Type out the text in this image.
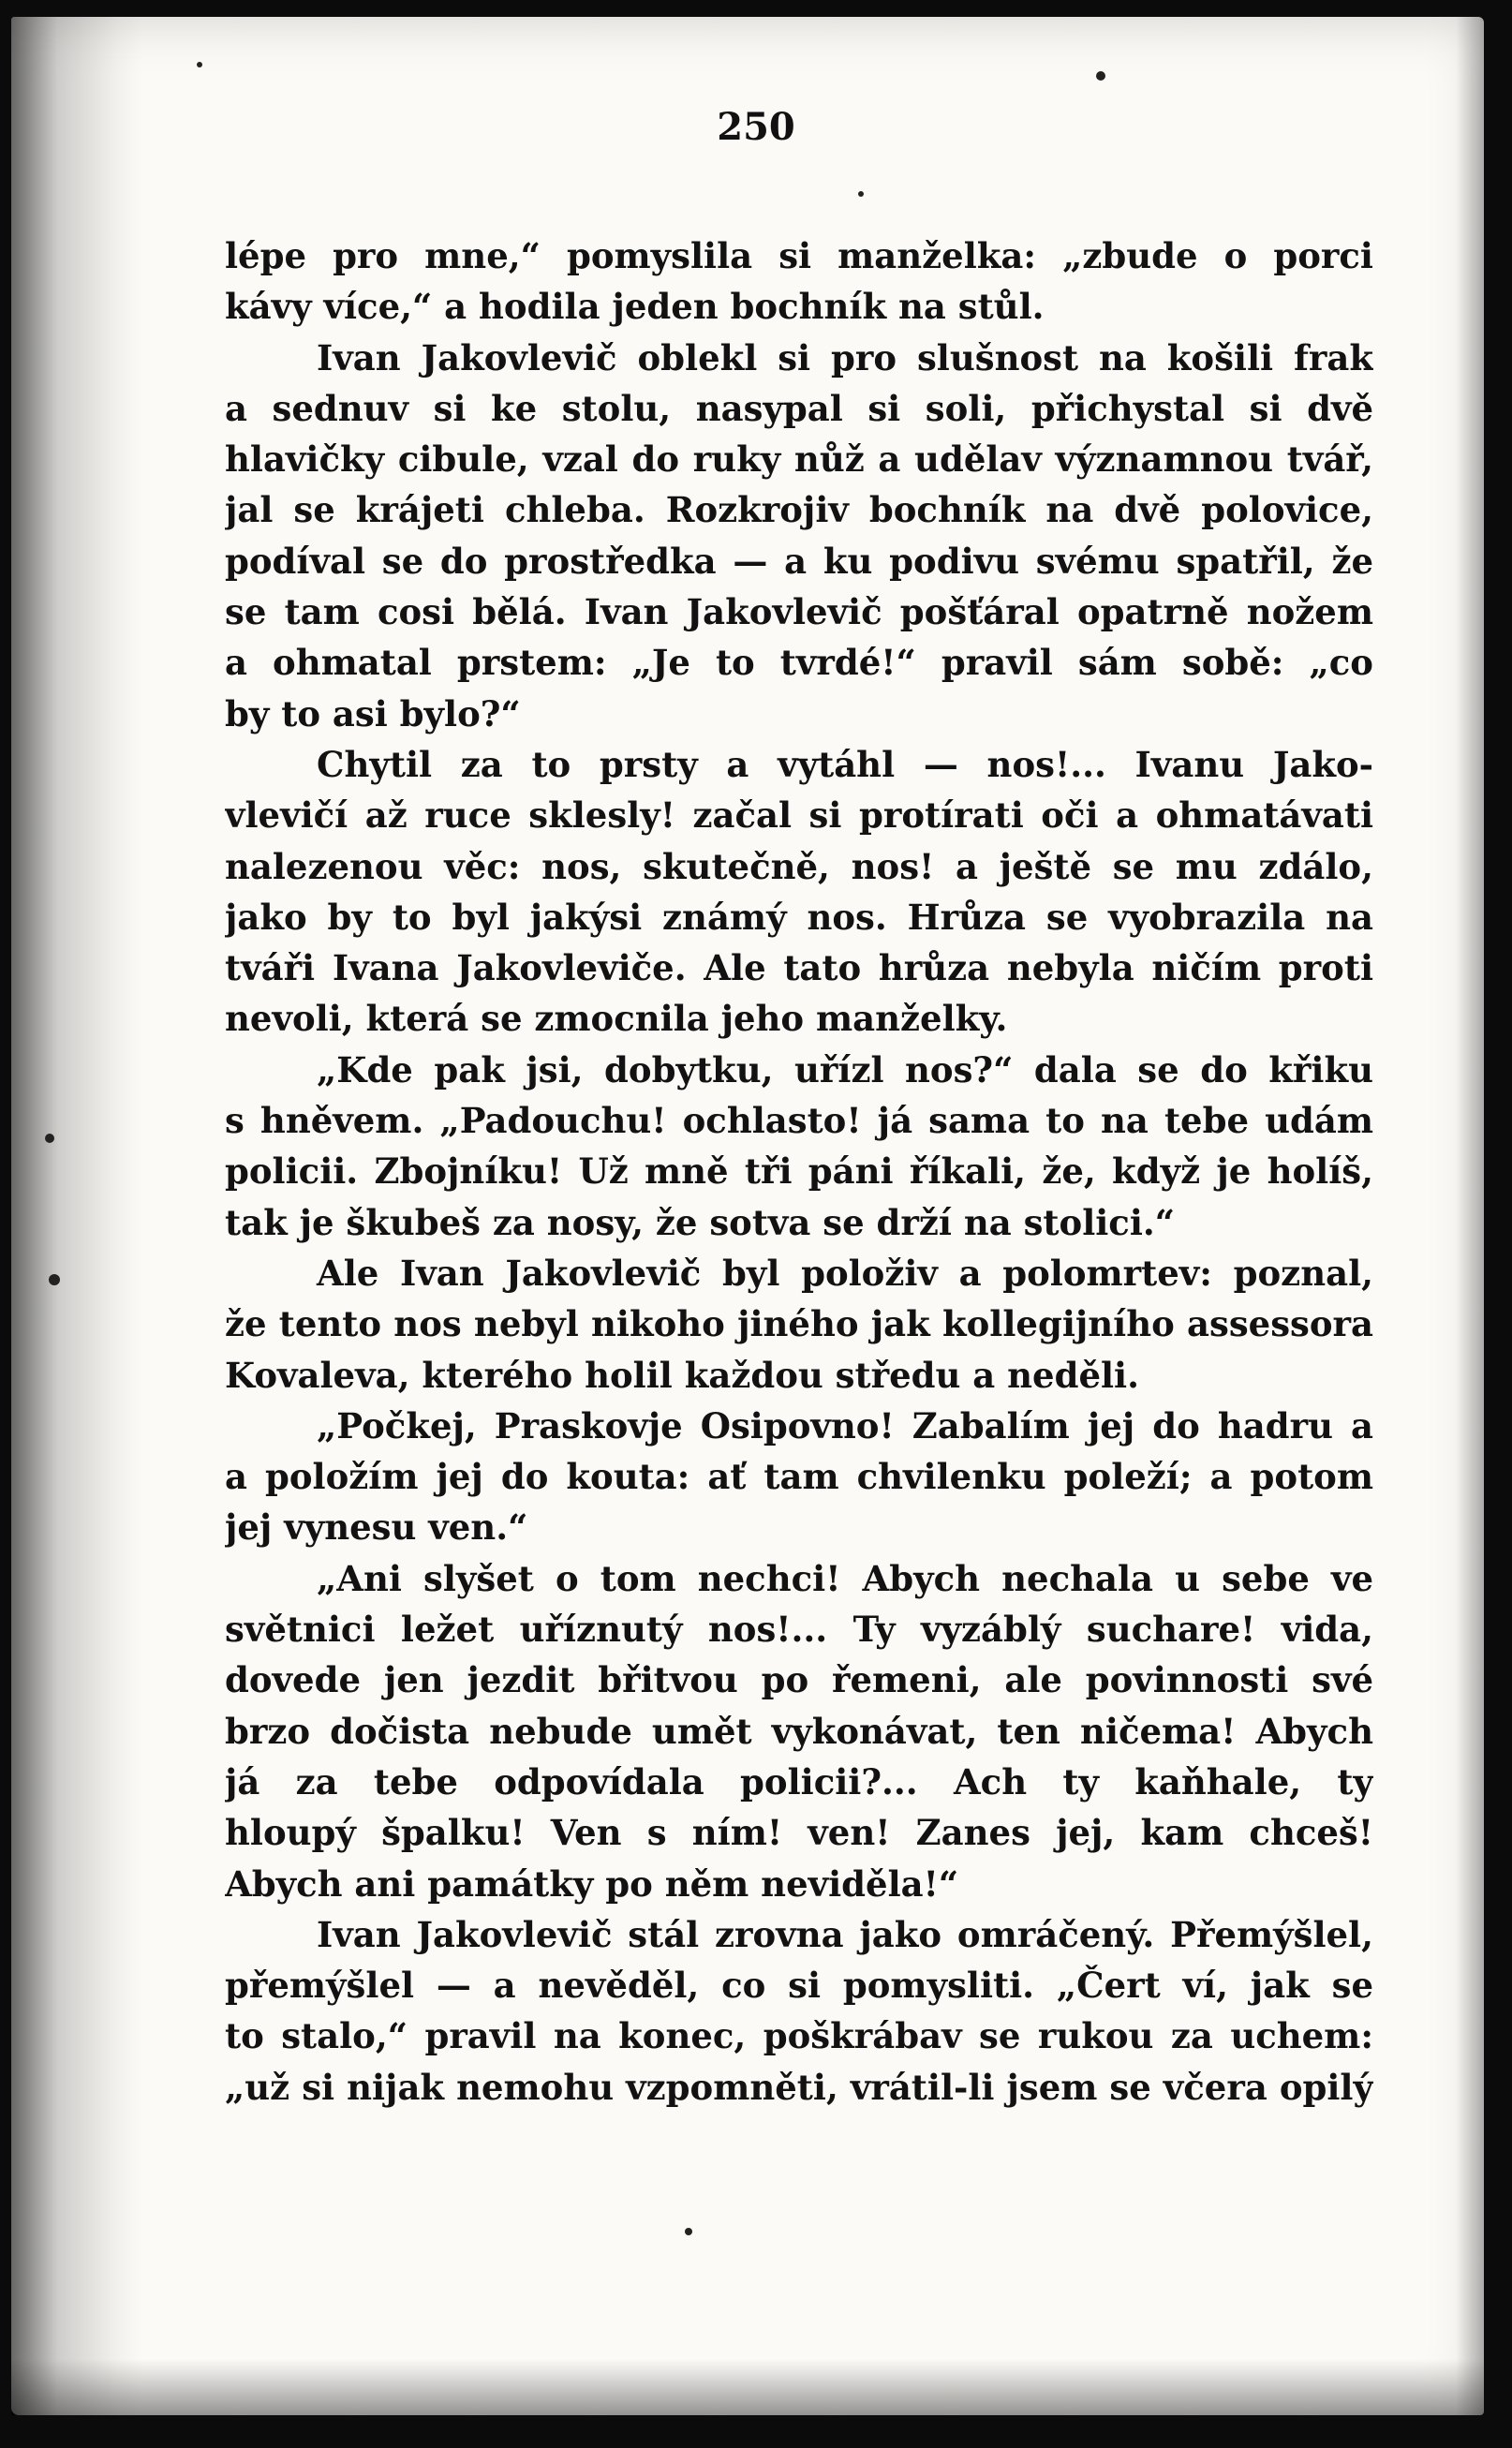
250
lépe pro mne,“ pomyslila si manželka: „zbude o porci
kávy více,“ a hodila jeden bochník na stůl.
Ivan Jakovlevič oblekl si pro slušnost na košili frak
a sednuv si ke stolu, nasypal si soli, přichystal si dvě
hlavičky cibule, vzal do ruky nůž a udělav významnou tvář,
jal se krájeti chleba. Rozkrojiv bochník na dvě polovice,
podíval se do prostředka — a ku podivu svému spatřil, že
se tam cosi bělá. Ivan Jakovlevič pošťáral opatrně nožem
a ohmatal prstem: „Je to tvrdé!“ pravil sám sobě: „co
by to asi bylo?“
Chytil za to prsty a vytáhl — nos!... Ivanu Jako-
vlevičí až ruce sklesly! začal si protírati oči a ohmatávati
nalezenou věc: nos, skutečně, nos! a ještě se mu zdálo,
jako by to byl jakýsi známý nos. Hrůza se vyobrazila na
tváři Ivana Jakovleviče. Ale tato hrůza nebyla ničím proti
nevoli, která se zmocnila jeho manželky.
„Kde pak jsi, dobytku, uřízl nos?“ dala se do křiku
s hněvem. „Padouchu! ochlasto! já sama to na tebe udám
policii. Zbojníku! Už mně tři páni říkali, že, když je holíš,
tak je škubeš za nosy, že sotva se drží na stolici.“
Ale Ivan Jakovlevič byl položiv a polomrtev: poznal,
že tento nos nebyl nikoho jiného jak kollegijního assessora
Kovaleva, kterého holil každou středu a neděli.
„Počkej, Praskovje Osipovno! Zabalím jej do hadru a
a položím jej do kouta: ať tam chvilenku poleží; a potom
jej vynesu ven.“
„Ani slyšet o tom nechci! Abych nechala u sebe ve
světnici ležet uříznutý nos!... Ty vyzáblý suchare! vida,
dovede jen jezdit břitvou po řemeni, ale povinnosti své
brzo dočista nebude umět vykonávat, ten ničema! Abych
já za tebe odpovídala policii?... Ach ty kaňhale, ty
hloupý špalku! Ven s ním! ven! Zanes jej, kam chceš!
Abych ani památky po něm neviděla!“
Ivan Jakovlevič stál zrovna jako omráčený. Přemýšlel,
přemýšlel — a nevěděl, co si pomysliti. „Čert ví, jak se
to stalo,“ pravil na konec, poškrábav se rukou za uchem:
„už si nijak nemohu vzpomněti, vrátil-li jsem se včera opilý
